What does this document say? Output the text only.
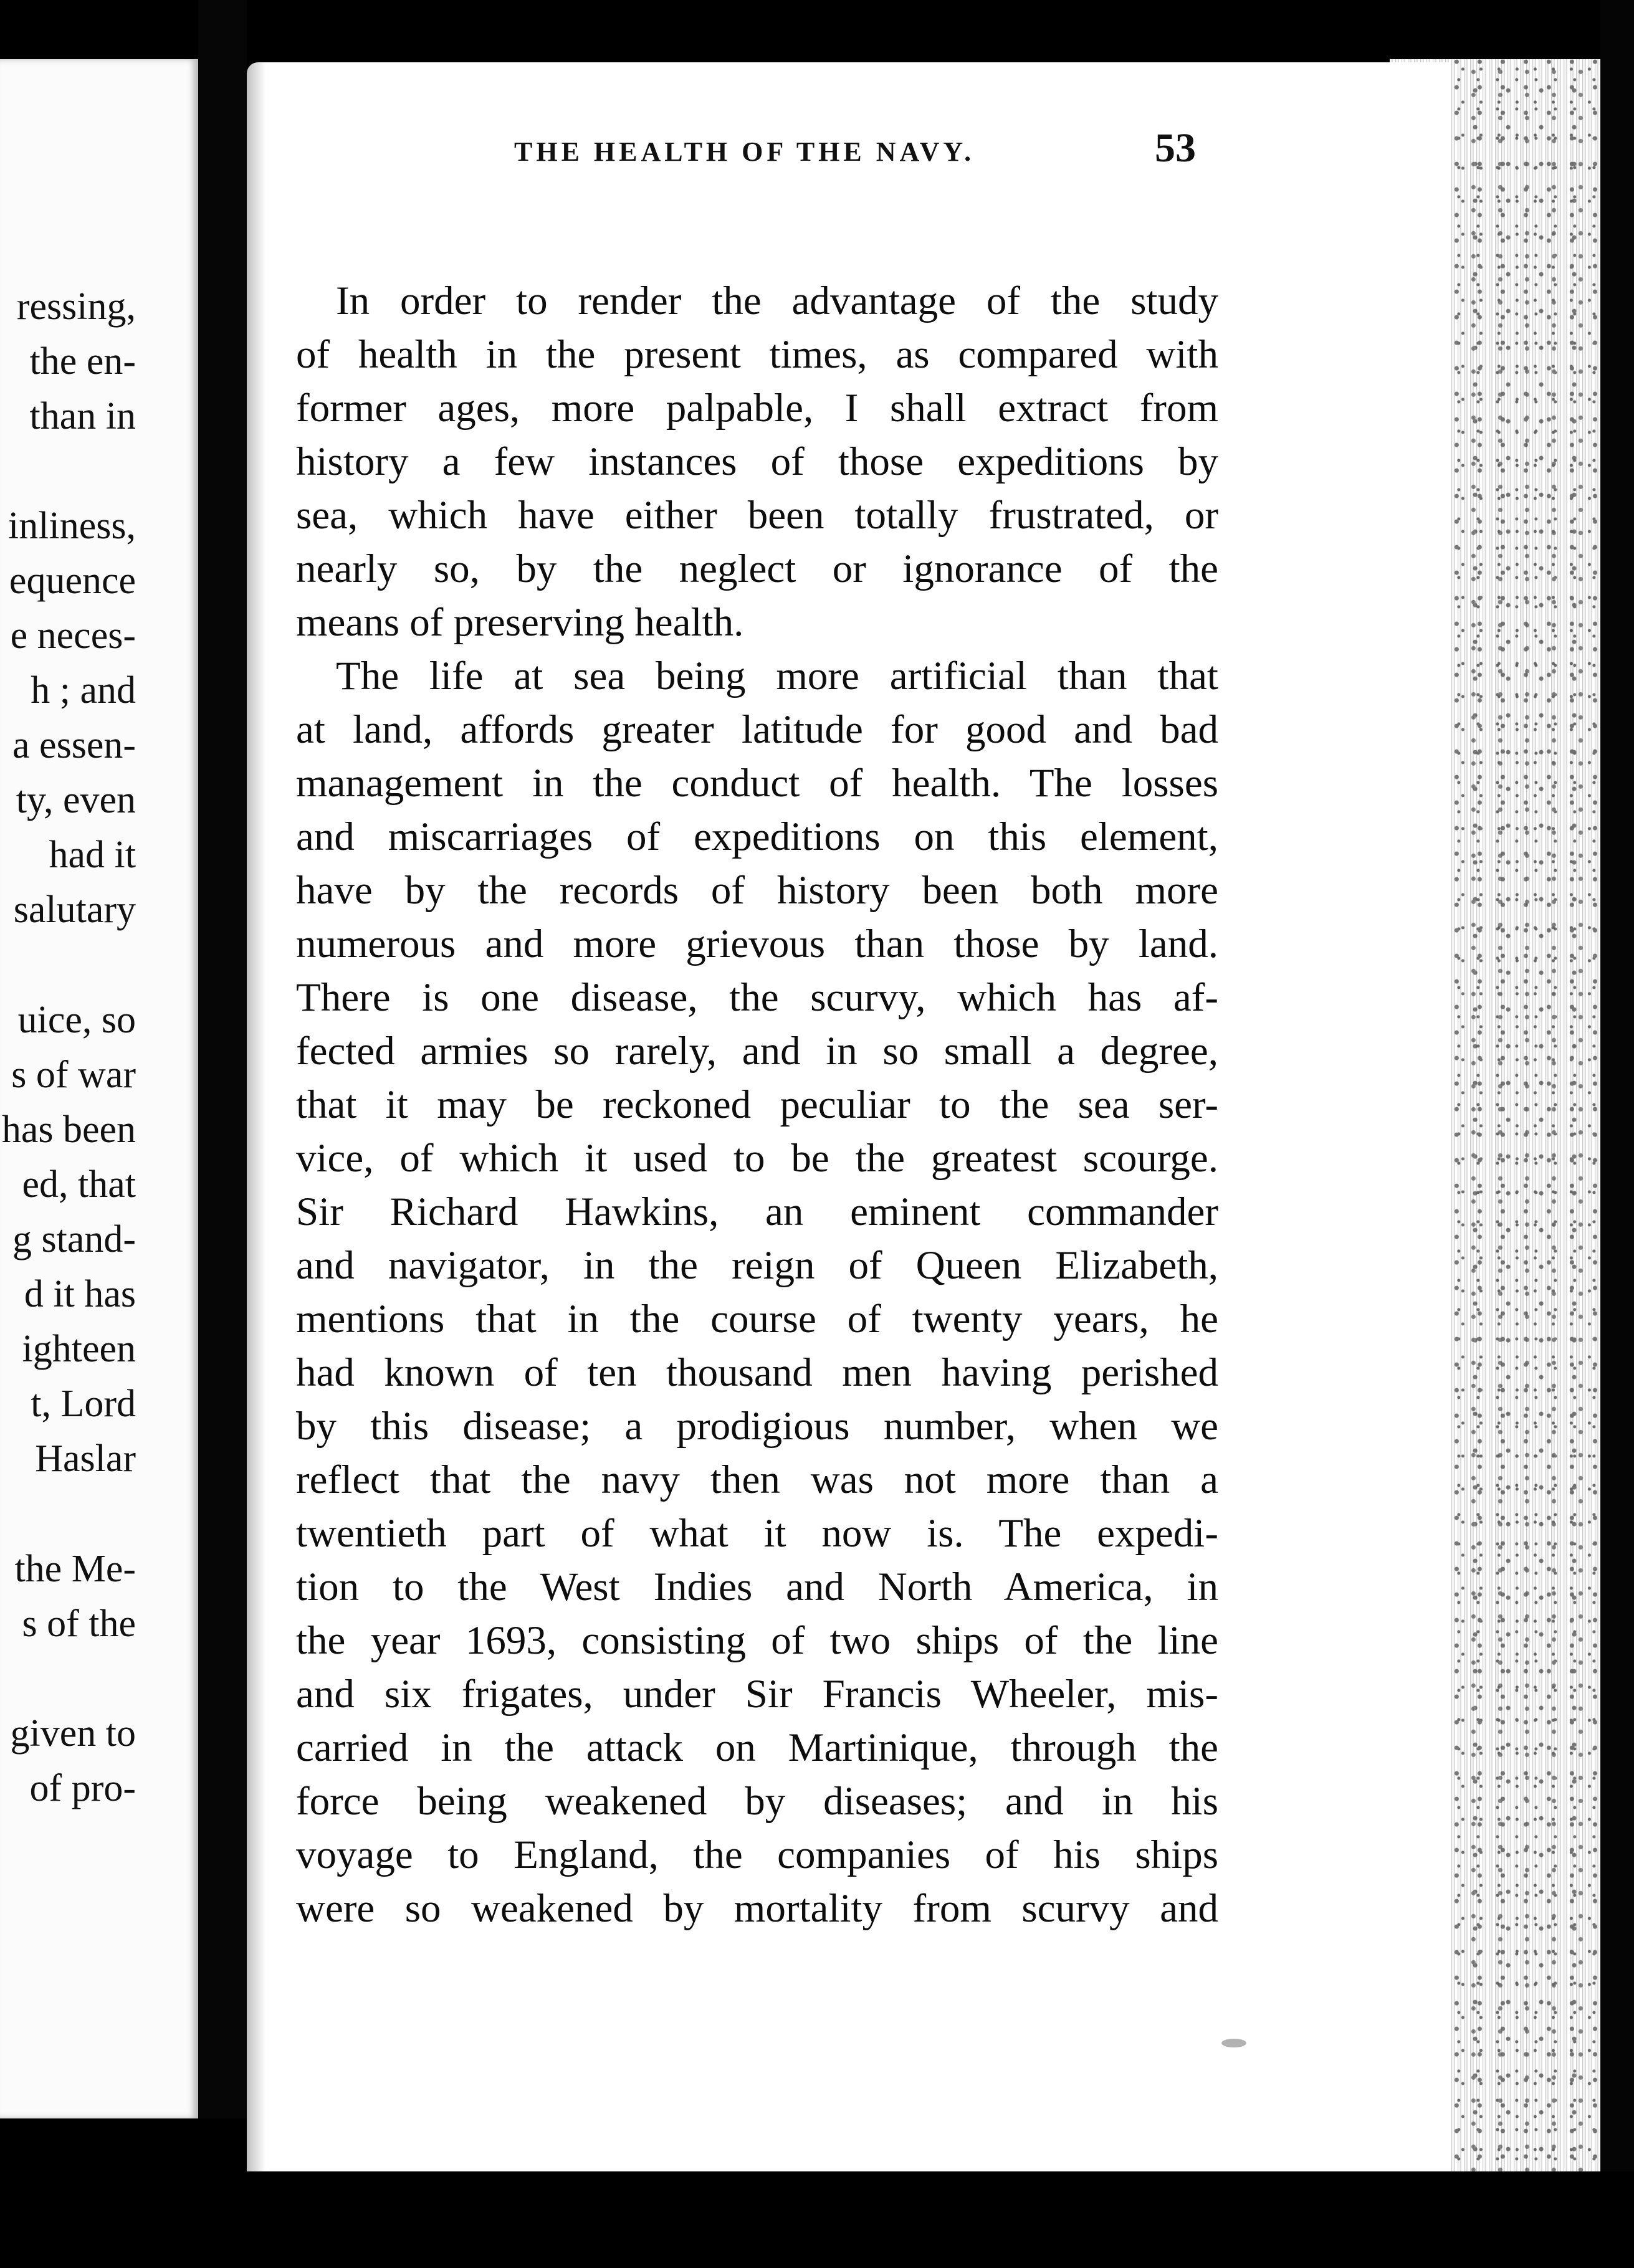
ressing,
the en-
than in
inliness,
equence
e neces-
h ; and
a essen-
ty, even
had it
salutary
uice, so
s of war
has been
ed, that
g stand-
d it has
ighteen
t, Lord
Haslar
the Me-
s of the
given to
of pro-
THE HEALTH OF THE NAVY.	53
In order to render the advantage of the study
of health in the present times, as compared with
former ages, more palpable, I shall extract from
history a few instances of those expeditions by
sea, which have either been totally frustrated, or
nearly so, by the neglect or ignorance of the
means of preserving health.
The life at sea being more artificial than that
at land, affords greater latitude for good and bad
management in the conduct of health. The losses
and miscarriages of expeditions on this element,
have by the records of history been both more
numerous and more grievous than those by land.
There is one disease, the scurvy, which has af-
fected armies so rarely, and in so small a degree,
that it may be reckoned peculiar to the sea ser-
vice, of which it used to be the greatest scourge.
Sir Richard Hawkins, an eminent commander
and navigator, in the reign of Queen Elizabeth,
mentions that in the course of twenty years, he
had known of ten thousand men having perished
by this disease; a prodigious number, when we
reflect that the navy then was not more than a
twentieth part of what it now is. The expedi-
tion to the West Indies and North America, in
the year 1693, consisting of two ships of the line
and six frigates, under Sir Francis Wheeler, mis-
carried in the attack on Martinique, through the
force being weakened by diseases; and in his
voyage to England, the companies of his ships
were so weakened by mortality from scurvy and
